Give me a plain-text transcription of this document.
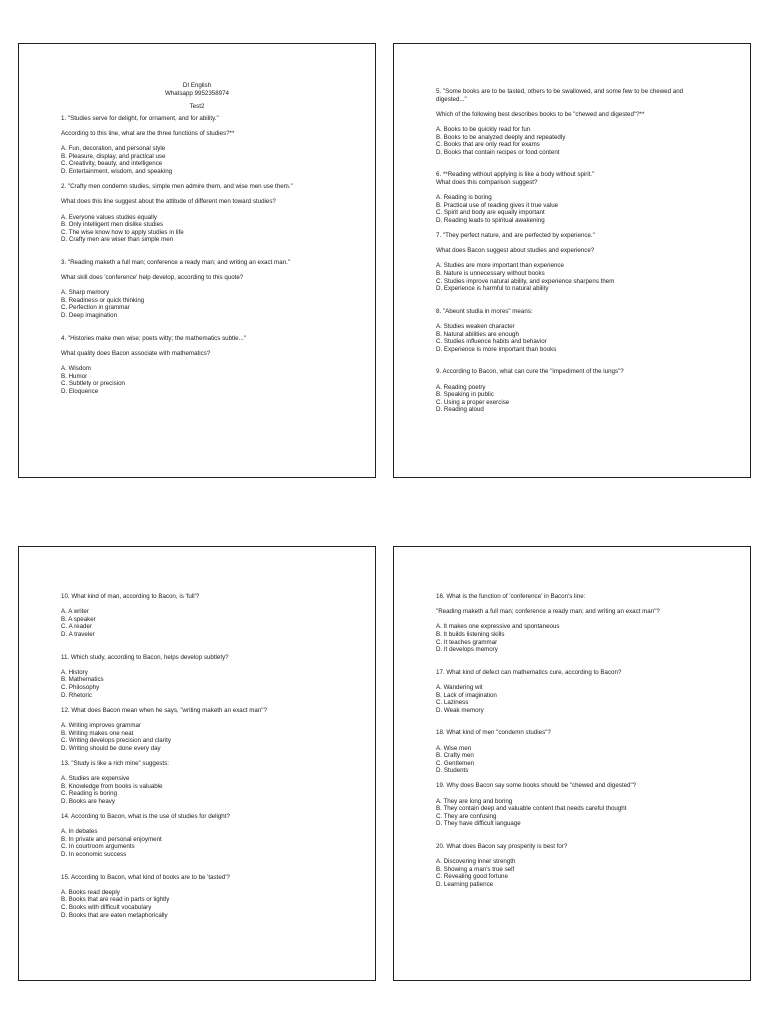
DI English
Whatsapp 9952358974
Test2
1. "Studies serve for delight, for ornament, and for ability."
According to this line, what are the three functions of studies?**
A. Fun, decoration, and personal style
B. Pleasure, display, and practical use
C. Creativity, beauty, and intelligence
D. Entertainment, wisdom, and speaking
2. "Crafty men condemn studies, simple men admire them, and wise men use them."
What does this line suggest about the attitude of different men toward studies?
A. Everyone values studies equally
B. Only intelligent men dislike studies
C. The wise know how to apply studies in life
D. Crafty men are wiser than simple men
3. "Reading maketh a full man; conference a ready man; and writing an exact man."
What skill does 'conference' help develop, according to this quote?
A. Sharp memory
B. Readiness or quick thinking
C. Perfection in grammar
D. Deep imagination
4. "Histories make men wise; poets witty; the mathematics subtle..."
What quality does Bacon associate with mathematics?
A. Wisdom
B. Humor
C. Subtlety or precision
D. Eloquence
5. "Some books are to be tasted, others to be swallowed, and some few to be chewed and digested..."
Which of the following best describes books to be "chewed and digested"?**
A. Books to be quickly read for fun
B. Books to be analyzed deeply and repeatedly
C. Books that are only read for exams
D. Books that contain recipes or food content
6. **Reading without applying is like a body without spirit."
What does this comparison suggest?
A. Reading is boring
B. Practical use of reading gives it true value
C. Spirit and body are equally important
D. Reading leads to spiritual awakening
7. "They perfect nature, and are perfected by experience."
What does Bacon suggest about studies and experience?
A. Studies are more important than experience
B. Nature is unnecessary without books
C. Studies improve natural ability, and experience sharpens them
D. Experience is harmful to natural ability
8. "Abeunt studia in mores" means:
A. Studies weaken character
B. Natural abilities are enough
C. Studies influence habits and behavior
D. Experience is more important than books
9. According to Bacon, what can cure the "impediment of the lungs"?
A. Reading poetry
B. Speaking in public
C. Using a proper exercise
D. Reading aloud
10. What kind of man, according to Bacon, is 'full'?
A. A writer
B. A speaker
C. A reader
D. A traveler
11. Which study, according to Bacon, helps develop subtlety?
A. History
B. Mathematics
C. Philosophy
D. Rhetoric
12. What does Bacon mean when he says, "writing maketh an exact man"?
A. Writing improves grammar
B. Writing makes one neat
C. Writing develops precision and clarity
D. Writing should be done every day
13. "Study is like a rich mine" suggests:
A. Studies are expensive
B. Knowledge from books is valuable
C. Reading is boring
D. Books are heavy
14. According to Bacon, what is the use of studies for delight?
A. In debates
B. In private and personal enjoyment
C. In courtroom arguments
D. In economic success
15. According to Bacon, what kind of books are to be 'tasted'?
A. Books read deeply
B. Books that are read in parts or lightly
C. Books with difficult vocabulary
D. Books that are eaten metaphorically
16. What is the function of 'conference' in Bacon's line:
"Reading maketh a full man; conference a ready man; and writing an exact man"?
A. It makes one expressive and spontaneous
B. It builds listening skills
C. It teaches grammar
D. It develops memory
17. What kind of defect can mathematics cure, according to Bacon?
A. Wandering wit
B. Lack of imagination
C. Laziness
D. Weak memory
18. What kind of men "condemn studies"?
A. Wise men
B. Crafty men
C. Gentlemen
D. Students
19. Why does Bacon say some books should be "chewed and digested"?
A. They are long and boring
B. They contain deep and valuable content that needs careful thought
C. They are confusing
D. They have difficult language
20. What does Bacon say prosperity is best for?
A. Discovering inner strength
B. Showing a man's true self
C. Revealing good fortune
D. Learning patience
